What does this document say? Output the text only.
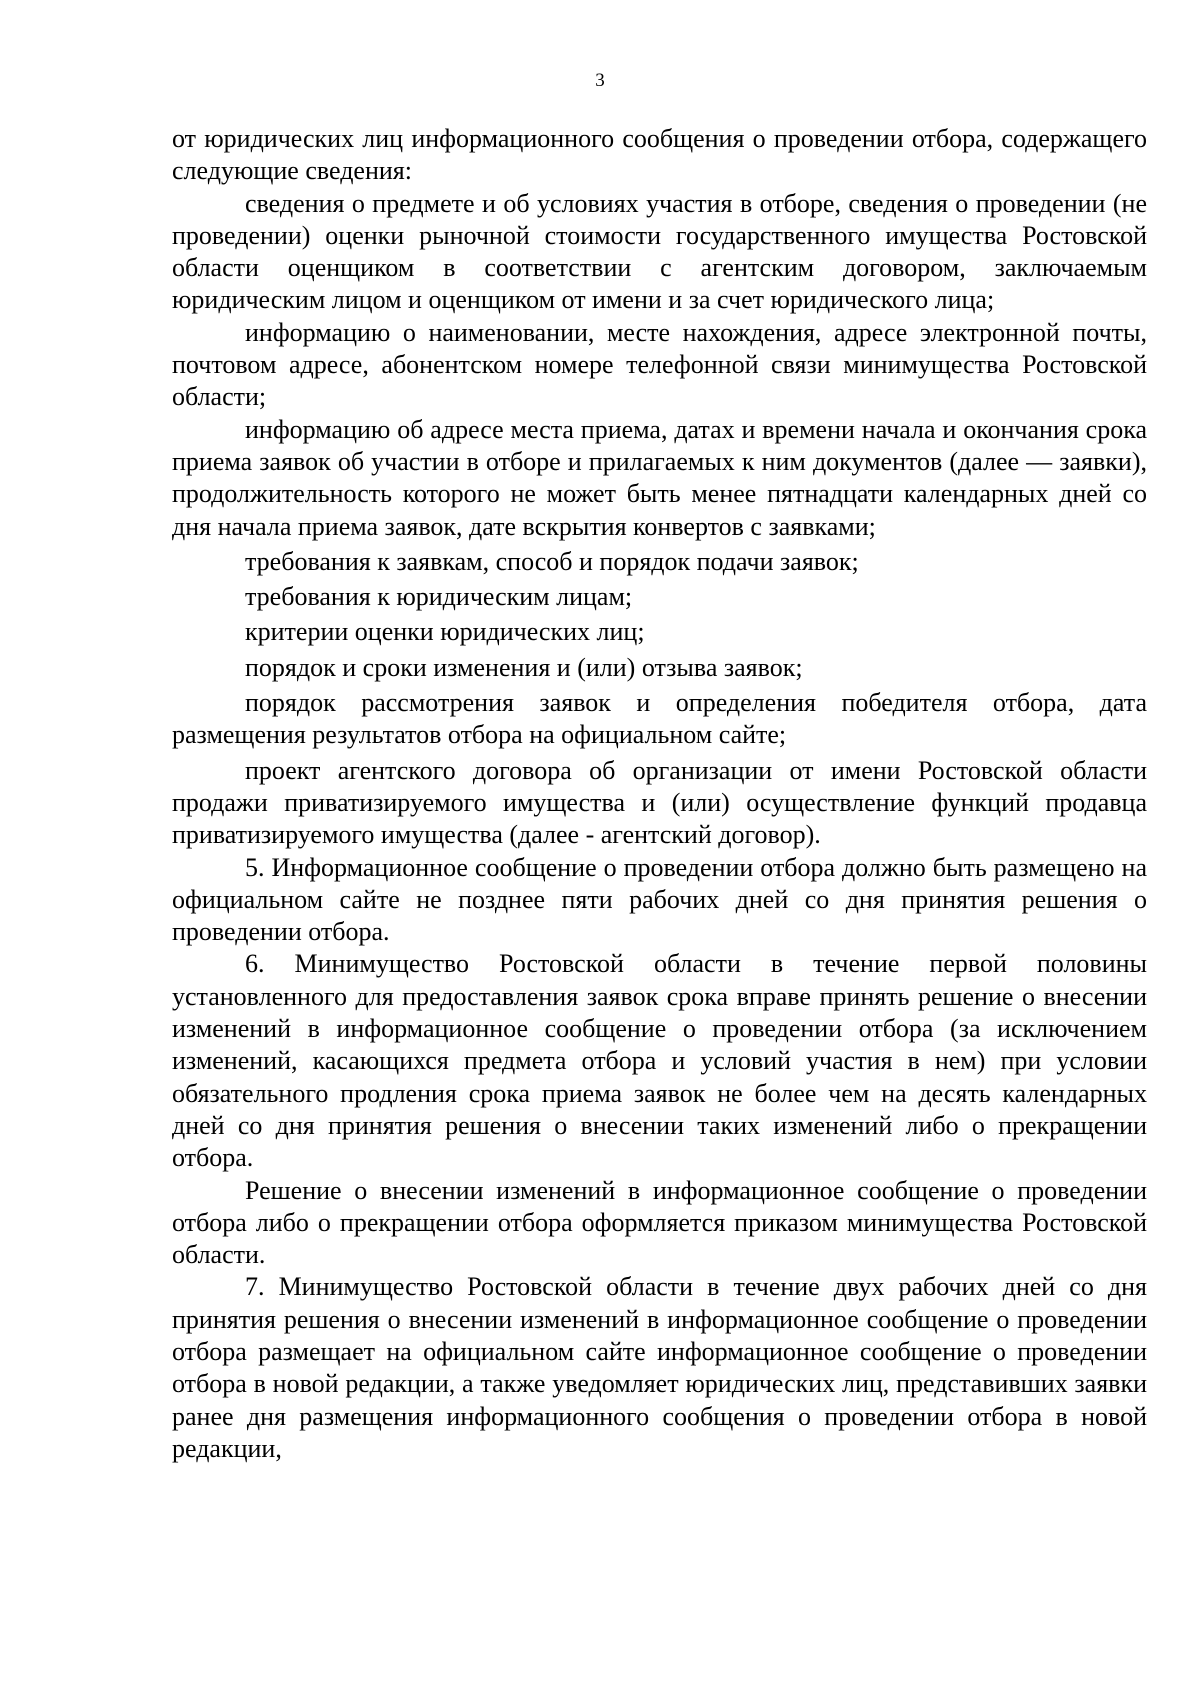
3

от юридических лиц информационного сообщения о проведении отбора, содержащего следующие сведения:

сведения о предмете и об условиях участия в отборе, сведения о проведении (не проведении) оценки рыночной стоимости государственного имущества Ростовской области оценщиком в соответствии с агентским договором, заключаемым юридическим лицом и оценщиком от имени и за счет юридического лица;

информацию о наименовании, месте нахождения, адресе электронной почты, почтовом адресе, абонентском номере телефонной связи минимущества Ростовской области;

информацию об адресе места приема, датах и времени начала и окончания срока приема заявок об участии в отборе и прилагаемых к ним документов (далее — заявки), продолжительность которого не может быть менее пятнадцати календарных дней со дня начала приема заявок, дате вскрытия конвертов с заявками;

требования к заявкам, способ и порядок подачи заявок;

требования к юридическим лицам;

критерии оценки юридических лиц;

порядок и сроки изменения и (или) отзыва заявок;

порядок рассмотрения заявок и определения победителя отбора, дата размещения результатов отбора на официальном сайте;

проект агентского договора об организации от имени Ростовской области продажи приватизируемого имущества и (или) осуществление функций продавца приватизируемого имущества (далее - агентский договор).

5. Информационное сообщение о проведении отбора должно быть размещено на официальном сайте не позднее пяти рабочих дней со дня принятия решения о проведении отбора.

6. Минимущество Ростовской области в течение первой половины установленного для предоставления заявок срока вправе принять решение о внесении изменений в информационное сообщение о проведении отбора (за исключением изменений, касающихся предмета отбора и условий участия в нем) при условии обязательного продления срока приема заявок не более чем на десять календарных дней со дня принятия решения о внесении таких изменений либо о прекращении отбора.

Решение о внесении изменений в информационное сообщение о проведении отбора либо о прекращении отбора оформляется приказом минимущества Ростовской области.

7. Минимущество Ростовской области в течение двух рабочих дней со дня принятия решения о внесении изменений в информационное сообщение о проведении отбора размещает на официальном сайте информационное сообщение о проведении отбора в новой редакции, а также уведомляет юридических лиц, представивших заявки ранее дня размещения информационного сообщения о проведении отбора в новой редакции,
